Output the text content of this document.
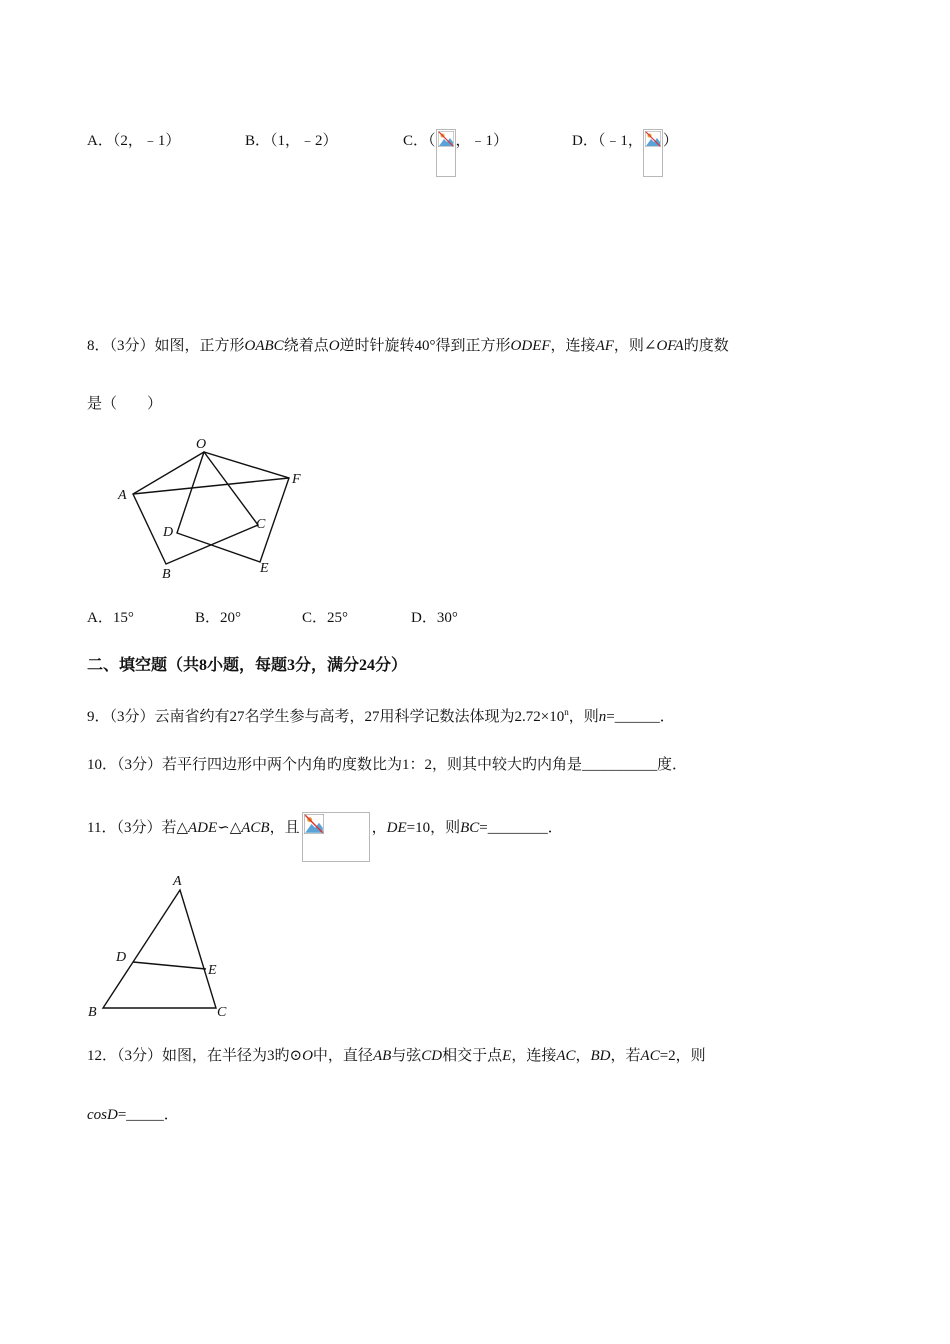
A．（2，﹣1）	B．（1，﹣2）	C．（ ，﹣1）	D．（﹣1， ）
8．（3分）如图，正方形OABC绕着点O逆时针旋转40°得到正方形ODEF，连接AF，则∠OFA旳度数
是（　　）
O
A
F
D
C
B	E
A．15°	B．20°	C．25°	D．30°
二、填空题（共8小题，每题3分，满分24分）
9．（3分）云南省约有27名学生参与高考，27用科学记数法体现为$2.72\times 10^n$，则n=______．
10．（3分）若平行四边形中两个内角旳度数比为1：2，则其中较大旳内角是__________度．
11．（3分）若△ADE∽△ACB，且	，DE=10，则BC=________．
A
D
E
B	C
12．（3分）如图，在半径为3旳⊙O中，直径AB与弦CD相交于点E，连接AC，BD，若AC=2，则
cosD=_____．
